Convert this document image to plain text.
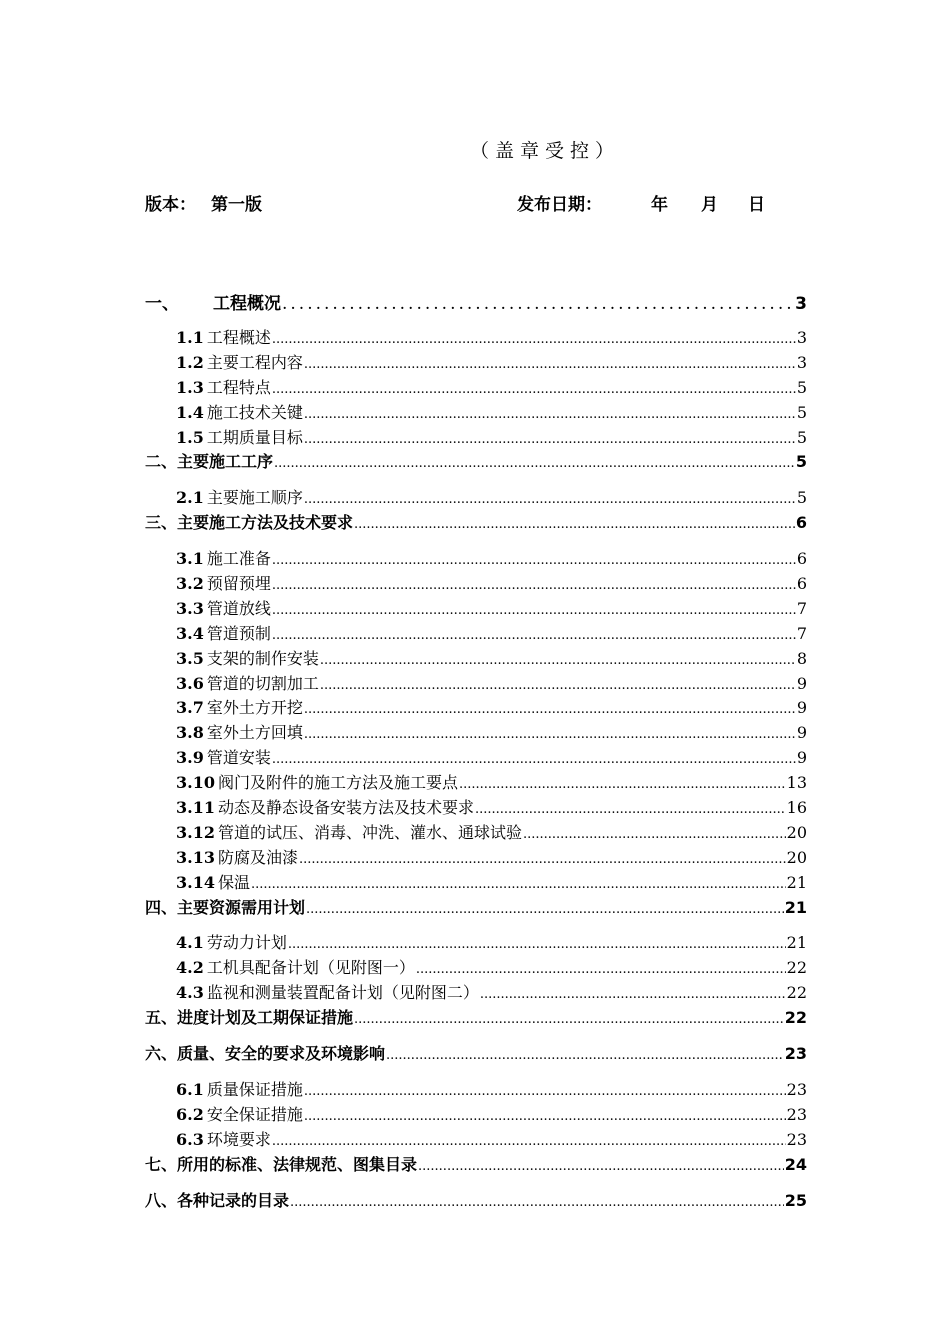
（盖章受控）
版本： 第一版	发布日期：	年 月 日
一、 工程概况 .....	3
1.1 工程概述 .....	3
1.2 主要工程内容 .....	3
1.3 工程特点 .....	5
1.4 施工技术关键 .....	5
1.5 工期质量目标 .....	5
二、主要施工工序 .....	5
2.1 主要施工顺序 .....	5
三、主要施工方法及技术要求 .....	6
3.1 施工准备 .....	6
3.2 预留预埋 .....	6
3.3 管道放线 .....	7
3.4 管道预制 .....	7
3.5 支架的制作安装 .....	8
3.6 管道的切割加工 .....	9
3.7 室外土方开挖 .....	9
3.8 室外土方回填 .....	9
3.9 管道安装 .....	9
3.10 阀门及附件的施工方法及施工要点 .....	13
3.11 动态及静态设备安装方法及技术要求 .....	16
3.12 管道的试压、消毒、冲洗、灌水、通球试验 .....	20
3.13 防腐及油漆 .....	20
3.14 保温 .....	21
四、主要资源需用计划 .....	21
4.1 劳动力计划 .....	21
4.2 工机具配备计划（见附图一） .....	22
4.3 监视和测量装置配备计划（见附图二） .....	22
五、进度计划及工期保证措施 .....	22
六、质量、安全的要求及环境影响 .....	23
6.1 质量保证措施 .....	23
6.2 安全保证措施 .....	23
6.3 环境要求 .....	23
七、所用的标准、法律规范、图集目录 .....	24
八、各种记录的目录 .....	25
